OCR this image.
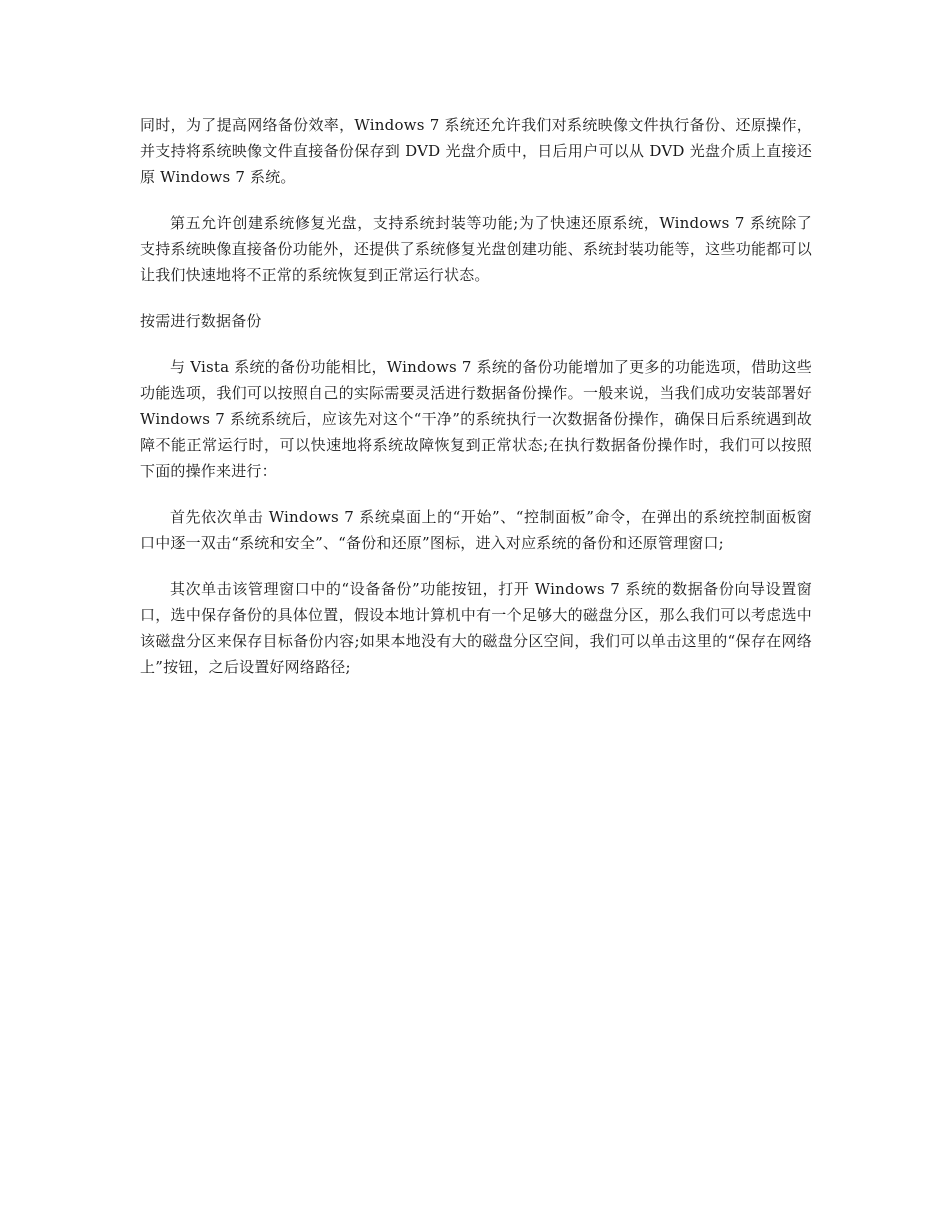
同时，为了提高网络备份效率，Windows 7 系统还允许我们对系统映像文件执行备份、还原操作，并支持将系统映像文件直接备份保存到 DVD 光盘介质中，日后用户可以从 DVD 光盘介质上直接还原 Windows 7 系统。

第五允许创建系统修复光盘，支持系统封装等功能;为了快速还原系统，Windows 7 系统除了支持系统映像直接备份功能外，还提供了系统修复光盘创建功能、系统封装功能等，这些功能都可以让我们快速地将不正常的系统恢复到正常运行状态。

按需进行数据备份

与 Vista 系统的备份功能相比，Windows 7 系统的备份功能增加了更多的功能选项，借助这些功能选项，我们可以按照自己的实际需要灵活进行数据备份操作。一般来说，当我们成功安装部署好 Windows 7 系统系统后，应该先对这个“干净”的系统执行一次数据备份操作，确保日后系统遇到故障不能正常运行时，可以快速地将系统故障恢复到正常状态;在执行数据备份操作时，我们可以按照下面的操作来进行：

首先依次单击 Windows 7 系统桌面上的“开始”、“控制面板”命令，在弹出的系统控制面板窗口中逐一双击“系统和安全”、“备份和还原”图标，进入对应系统的备份和还原管理窗口;

其次单击该管理窗口中的“设备备份”功能按钮，打开 Windows 7 系统的数据备份向导设置窗口，选中保存备份的具体位置，假设本地计算机中有一个足够大的磁盘分区，那么我们可以考虑选中该磁盘分区来保存目标备份内容;如果本地没有大的磁盘分区空间，我们可以单击这里的“保存在网络上”按钮，之后设置好网络路径;
